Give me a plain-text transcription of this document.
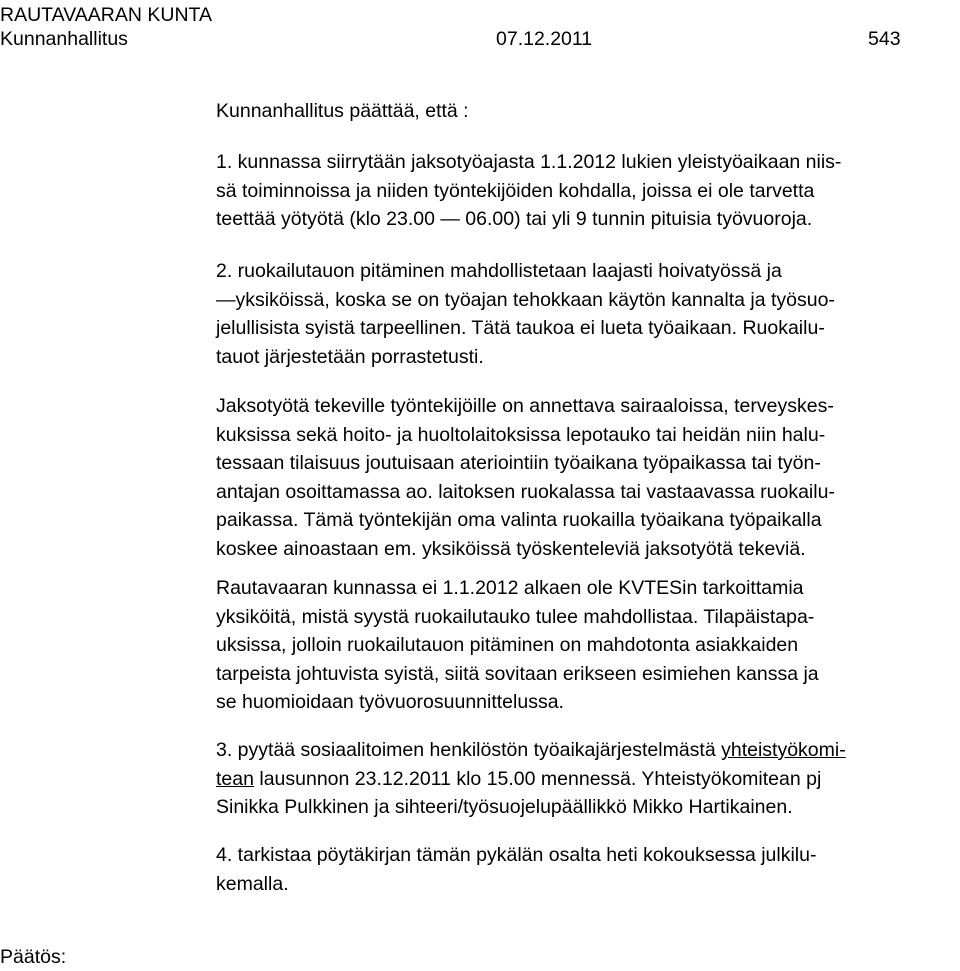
RAUTAVAARAN KUNTA
Kunnanhallitus	07.12.2011	543
Kunnanhallitus päättää, että :
1. kunnassa siirrytään jaksotyöajasta 1.1.2012 lukien yleistyöaikaan niis-
sä toiminnoissa ja niiden työntekijöiden kohdalla, joissa ei ole tarvetta
teettää yötyötä (klo 23.00 — 06.00) tai yli 9 tunnin pituisia työvuoroja.
2. ruokailutauon pitäminen mahdollistetaan laajasti hoivatyössä ja
—yksiköissä, koska se on työajan tehokkaan käytön kannalta ja työsuo-
jelullisista syistä tarpeellinen. Tätä taukoa ei lueta työaikaan. Ruokailu-
tauot järjestetään porrastetusti.
Jaksotyötä tekeville työntekijöille on annettava sairaaloissa, terveyskes-
kuksissa sekä hoito- ja huoltolaitoksissa lepotauko tai heidän niin halu-
tessaan tilaisuus joutuisaan ateriointiin työaikana työpaikassa tai työn-
antajan osoittamassa ao. laitoksen ruokalassa tai vastaavassa ruokailu-
paikassa. Tämä työntekijän oma valinta ruokailla työaikana työpaikalla
koskee ainoastaan em. yksiköissä työskenteleviä jaksotyötä tekeviä.
Rautavaaran kunnassa ei 1.1.2012 alkaen ole KVTESin tarkoittamia
yksiköitä, mistä syystä ruokailutauko tulee mahdollistaa. Tilapäistapa-
uksissa, jolloin ruokailutauon pitäminen on mahdotonta asiakkaiden
tarpeista johtuvista syistä, siitä sovitaan erikseen esimiehen kanssa ja
se huomioidaan työvuorosuunnittelussa.
3. pyytää sosiaalitoimen henkilöstön työaikajärjestelmästä yhteistyökomi-
tean lausunnon 23.12.2011 klo 15.00 mennessä. Yhteistyökomitean pj
Sinikka Pulkkinen ja sihteeri/työsuojelupäällikkö Mikko Hartikainen.
4. tarkistaa pöytäkirjan tämän pykälän osalta heti kokouksessa julkilu-
kemalla.
Päätös:
